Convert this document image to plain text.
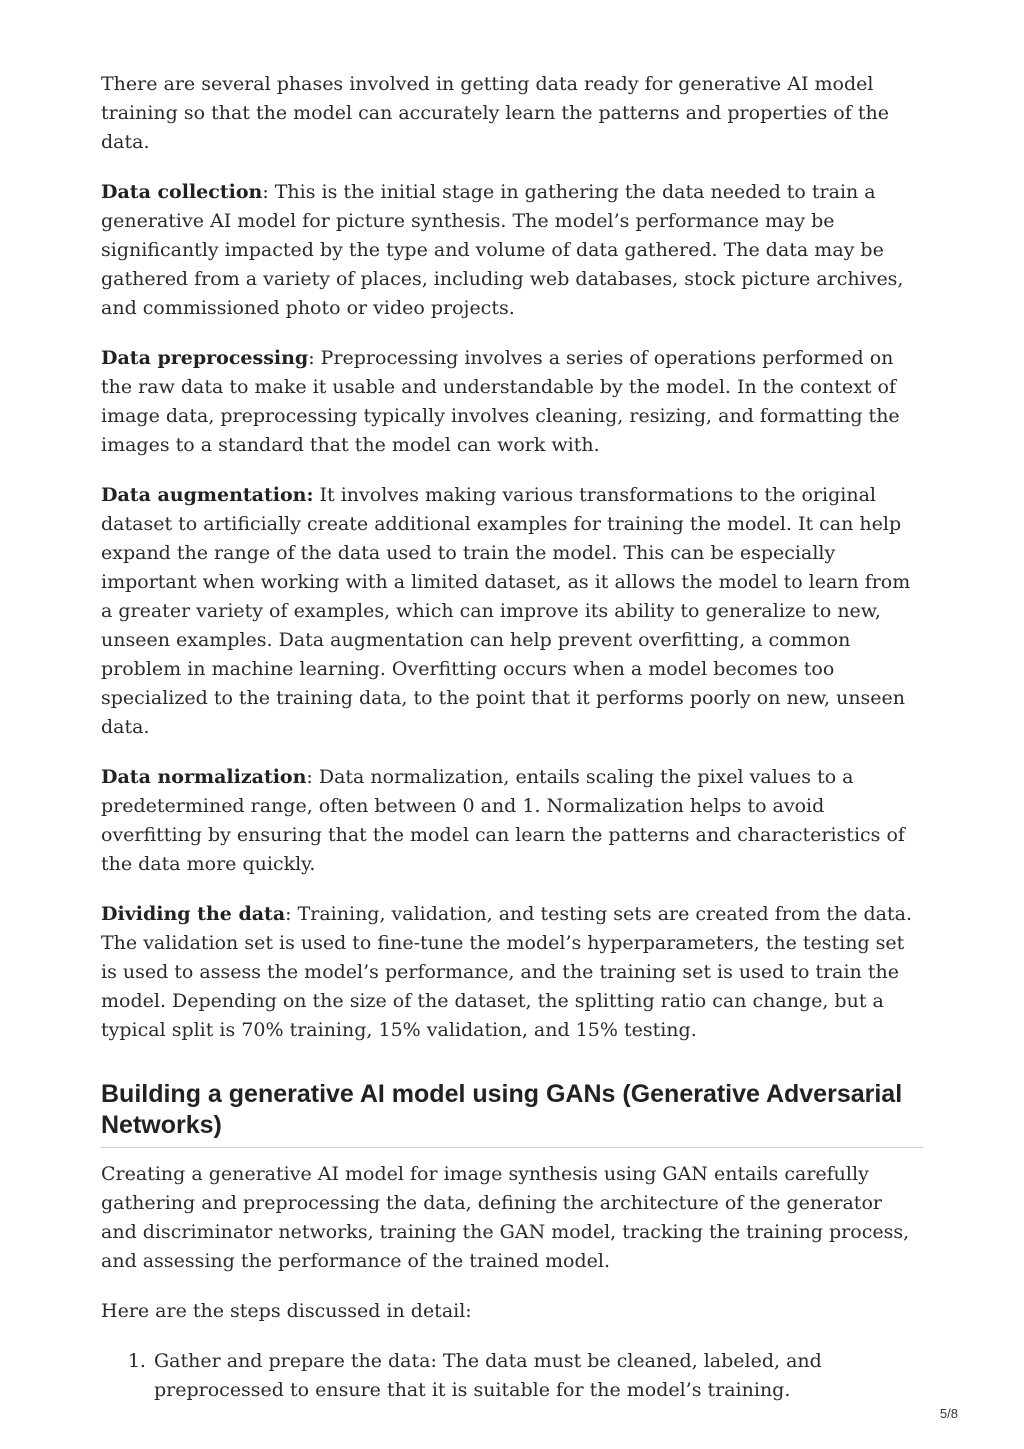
There are several phases involved in getting data ready for generative AI model training so that the model can accurately learn the patterns and properties of the data.

Data collection: This is the initial stage in gathering the data needed to train a generative AI model for picture synthesis. The model’s performance may be significantly impacted by the type and volume of data gathered. The data may be gathered from a variety of places, including web databases, stock picture archives, and commissioned photo or video projects.

Data preprocessing: Preprocessing involves a series of operations performed on the raw data to make it usable and understandable by the model. In the context of image data, preprocessing typically involves cleaning, resizing, and formatting the images to a standard that the model can work with.

Data augmentation: It involves making various transformations to the original dataset to artificially create additional examples for training the model. It can help expand the range of the data used to train the model. This can be especially important when working with a limited dataset, as it allows the model to learn from a greater variety of examples, which can improve its ability to generalize to new, unseen examples. Data augmentation can help prevent overfitting, a common problem in machine learning. Overfitting occurs when a model becomes too specialized to the training data, to the point that it performs poorly on new, unseen data.

Data normalization: Data normalization, entails scaling the pixel values to a predetermined range, often between 0 and 1. Normalization helps to avoid overfitting by ensuring that the model can learn the patterns and characteristics of the data more quickly.

Dividing the data: Training, validation, and testing sets are created from the data. The validation set is used to fine-tune the model’s hyperparameters, the testing set is used to assess the model’s performance, and the training set is used to train the model. Depending on the size of the dataset, the splitting ratio can change, but a typical split is 70% training, 15% validation, and 15% testing.

Building a generative AI model using GANs (Generative Adversarial Networks)

Creating a generative AI model for image synthesis using GAN entails carefully gathering and preprocessing the data, defining the architecture of the generator and discriminator networks, training the GAN model, tracking the training process, and assessing the performance of the trained model.

Here are the steps discussed in detail:

1. Gather and prepare the data: The data must be cleaned, labeled, and preprocessed to ensure that it is suitable for the model’s training.
5/8
